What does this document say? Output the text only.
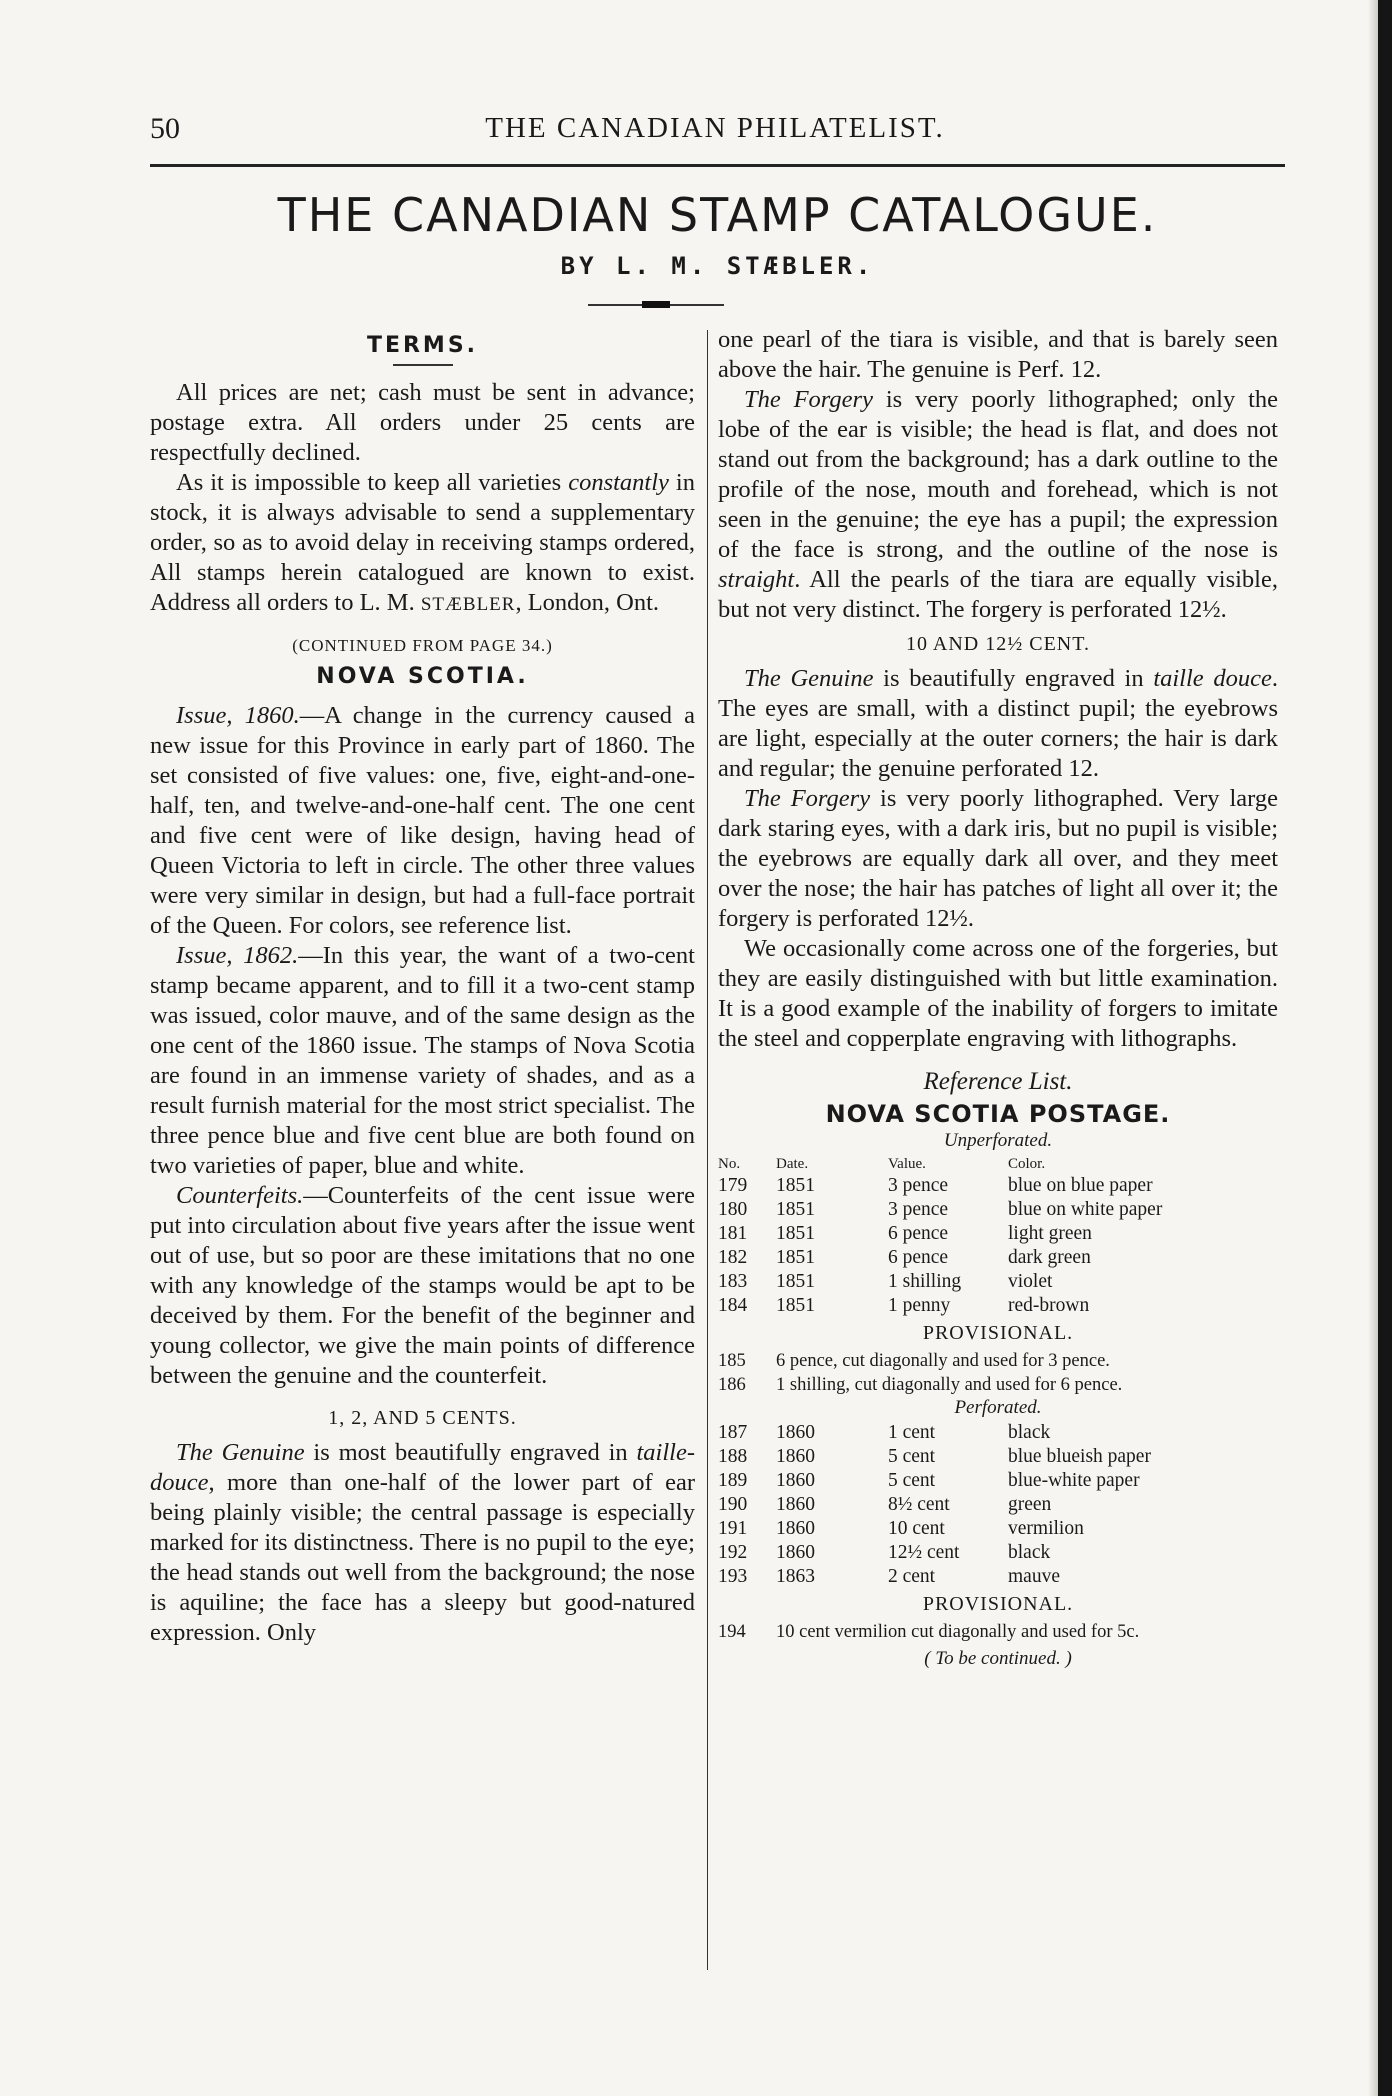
50	THE CANADIAN PHILATELIST.
THE CANADIAN STAMP CATALOGUE.
BY L. M. STÆBLER.
TERMS.

All prices are net; cash must be sent in advance; postage extra. All orders under 25 cents are respectfully declined.

As it is impossible to keep all varieties constantly in stock, it is always advisable to send a supplementary order, so as to avoid delay in receiving stamps ordered, All stamps herein catalogued are known to exist. Address all orders to L. M. STÆBLER, London, Ont.

(CONTINUED FROM PAGE 34.)
NOVA SCOTIA.

Issue, 1860.—A change in the currency caused a new issue for this Province in early part of 1860. The set consisted of five values: one, five, eight-and-one-half, ten, and twelve-and-one-half cent. The one cent and five cent were of like design, having head of Queen Victoria to left in circle. The other three values were very similar in design, but had a full-face portrait of the Queen. For colors, see reference list.

Issue, 1862.—In this year, the want of a two-cent stamp became apparent, and to fill it a two-cent stamp was issued, color mauve, and of the same design as the one cent of the 1860 issue. The stamps of Nova Scotia are found in an immense variety of shades, and as a result furnish material for the most strict specialist. The three pence blue and five cent blue are both found on two varieties of paper, blue and white.

Counterfeits.—Counterfeits of the cent issue were put into circulation about five years after the issue went out of use, but so poor are these imitations that no one with any knowledge of the stamps would be apt to be deceived by them. For the benefit of the beginner and young collector, we give the main points of difference between the genuine and the counterfeit.

1, 2, AND 5 CENTS.

The Genuine is most beautifully engraved in taille-douce, more than one-half of the lower part of ear being plainly visible; the central passage is especially marked for its distinctness. There is no pupil to the eye; the head stands out well from the background; the nose is aquiline; the face has a sleepy but good-natured expression. Only

one pearl of the tiara is visible, and that is barely seen above the hair. The genuine is Perf. 12.

The Forgery is very poorly lithographed; only the lobe of the ear is visible; the head is flat, and does not stand out from the background; has a dark outline to the profile of the nose, mouth and forehead, which is not seen in the genuine; the eye has a pupil; the expression of the face is strong, and the outline of the nose is straight. All the pearls of the tiara are equally visible, but not very distinct. The forgery is perforated 12½.

10 AND 12½ CENT.

The Genuine is beautifully engraved in taille douce. The eyes are small, with a distinct pupil; the eyebrows are light, especially at the outer corners; the hair is dark and regular; the genuine perforated 12.

The Forgery is very poorly lithographed. Very large dark staring eyes, with a dark iris, but no pupil is visible; the eyebrows are equally dark all over, and they meet over the nose; the hair has patches of light all over it; the forgery is perforated 12½.

We occasionally come across one of the forgeries, but they are easily distinguished with but little examination. It is a good example of the inability of forgers to imitate the steel and copperplate engraving with lithographs.

Reference List.
NOVA SCOTIA POSTAGE.
Unperforated.
No.	Date.	Value.	Color.
179	1851	3 pence	blue on blue paper
180	1851	3 pence	blue on white paper
181	1851	6 pence	light green
182	1851	6 pence	dark green
183	1851	1 shilling	violet
184	1851	1 penny	red-brown
PROVISIONAL.
185	6 pence, cut diagonally and used for 3 pence.
186	1 shilling, cut diagonally and used for 6 pence.
Perforated.
187	1860	1 cent	black
188	1860	5 cent	blue blueish paper
189	1860	5 cent	blue-white paper
190	1860	8½ cent	green
191	1860	10 cent	vermilion
192	1860	12½ cent	black
193	1863	2 cent	mauve
PROVISIONAL.
194	10 cent vermilion cut diagonally and used for 5c.
( To be continued. )
